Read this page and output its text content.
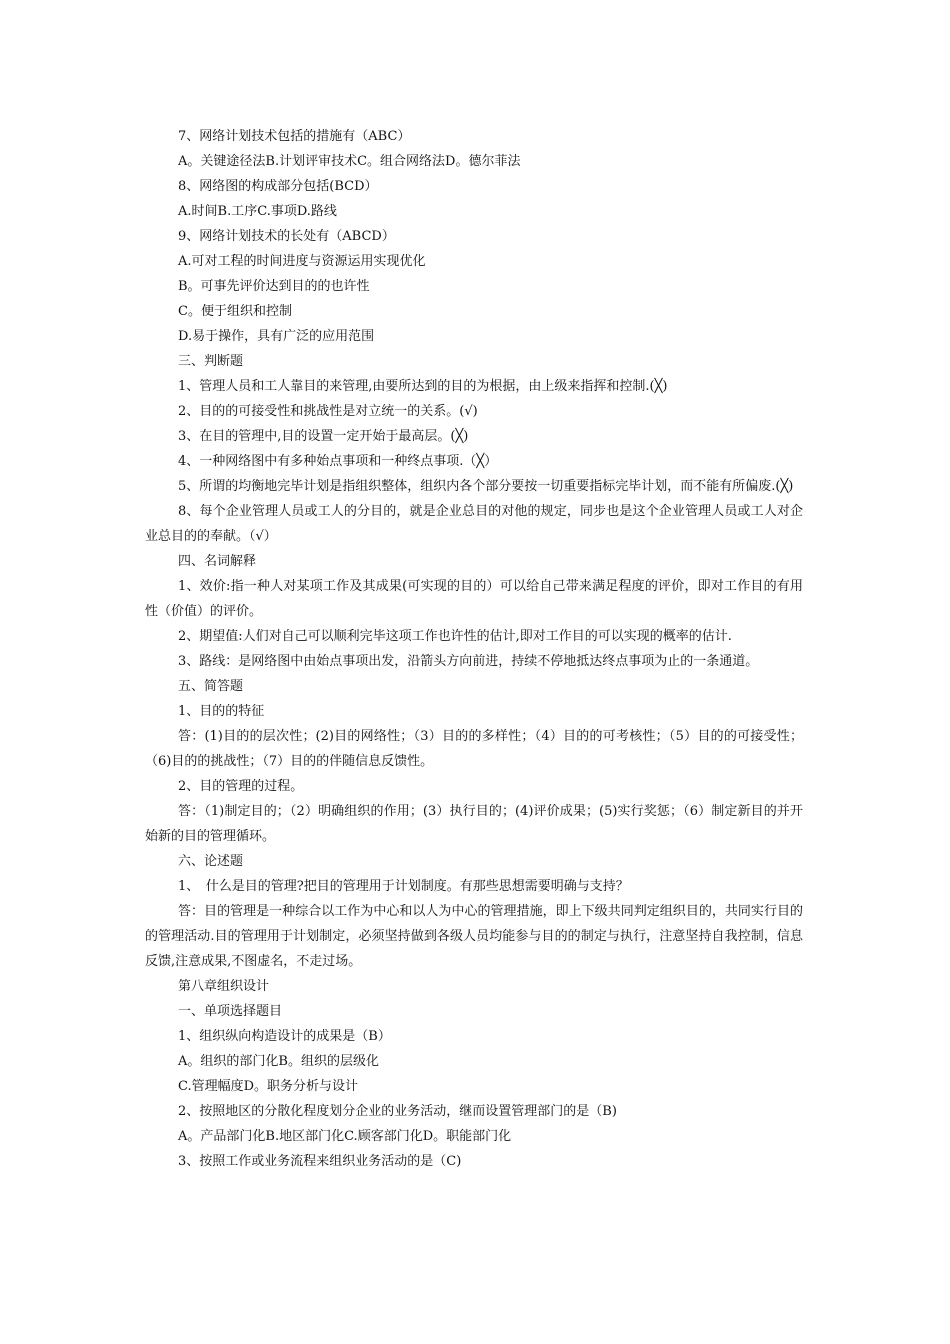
7、网络计划技术包括的措施有（ABC）

A。关键途径法B.计划评审技术C。组合网络法D。德尔菲法

8、网络图的构成部分包括(BCD）

A.时间B.工序C.事项D.路线

9、网络计划技术的长处有（ABCD）

A.可对工程的时间进度与资源运用实现优化

B。可事先评价达到目的的也许性

C。便于组织和控制

D.易于操作，具有广泛的应用范围

三、判断题

1、管理人员和工人靠目的来管理,由要所达到的目的为根据，由上级来指挥和控制.(╳)

2、目的的可接受性和挑战性是对立统一的关系。(√)

3、在目的管理中,目的设置一定开始于最高层。(╳)

4、一种网络图中有多种始点事项和一种终点事项.（╳）

5、所谓的均衡地完毕计划是指组织整体，组织内各个部分要按一切重要指标完毕计划，而不能有所偏废.(╳)

8、每个企业管理人员或工人的分目的，就是企业总目的对他的规定，同步也是这个企业管理人员或工人对企业总目的的奉献。（√）

四、名词解释

1、效价:指一种人对某项工作及其成果(可实现的目的）可以给自己带来满足程度的评价，即对工作目的有用性（价值）的评价。

2、期望值:人们对自己可以顺利完毕这项工作也许性的估计,即对工作目的可以实现的概率的估计.

3、路线：是网络图中由始点事项出发，沿箭头方向前进，持续不停地抵达终点事项为止的一条通道。

五、简答题

1、目的的特征

答：(1)目的的层次性；(2)目的网络性；（3）目的的多样性；（4）目的的可考核性；（5）目的的可接受性；（6)目的的挑战性；（7）目的的伴随信息反馈性。

2、目的管理的过程。

答：（1)制定目的；（2）明确组织的作用；(3）执行目的；(4)评价成果；(5)实行奖惩；（6）制定新目的并开始新的目的管理循环。

六、论述题

1、　什么是目的管理?把目的管理用于计划制度。有那些思想需要明确与支持？

答：目的管理是一种综合以工作为中心和以人为中心的管理措施，即上下级共同判定组织目的，共同实行目的的管理活动.目的管理用于计划制定，必须坚持做到各级人员均能参与目的的制定与执行，注意坚持自我控制，信息反馈,注意成果,不图虚名，不走过场。

第八章组织设计

一、单项选择题目

1、组织纵向构造设计的成果是（B）

A。组织的部门化B。组织的层级化

C.管理幅度D。职务分析与设计

2、按照地区的分散化程度划分企业的业务活动，继而设置管理部门的是（B)

A。产品部门化B.地区部门化C.顾客部门化D。职能部门化

3、按照工作或业务流程来组织业务活动的是（C)
